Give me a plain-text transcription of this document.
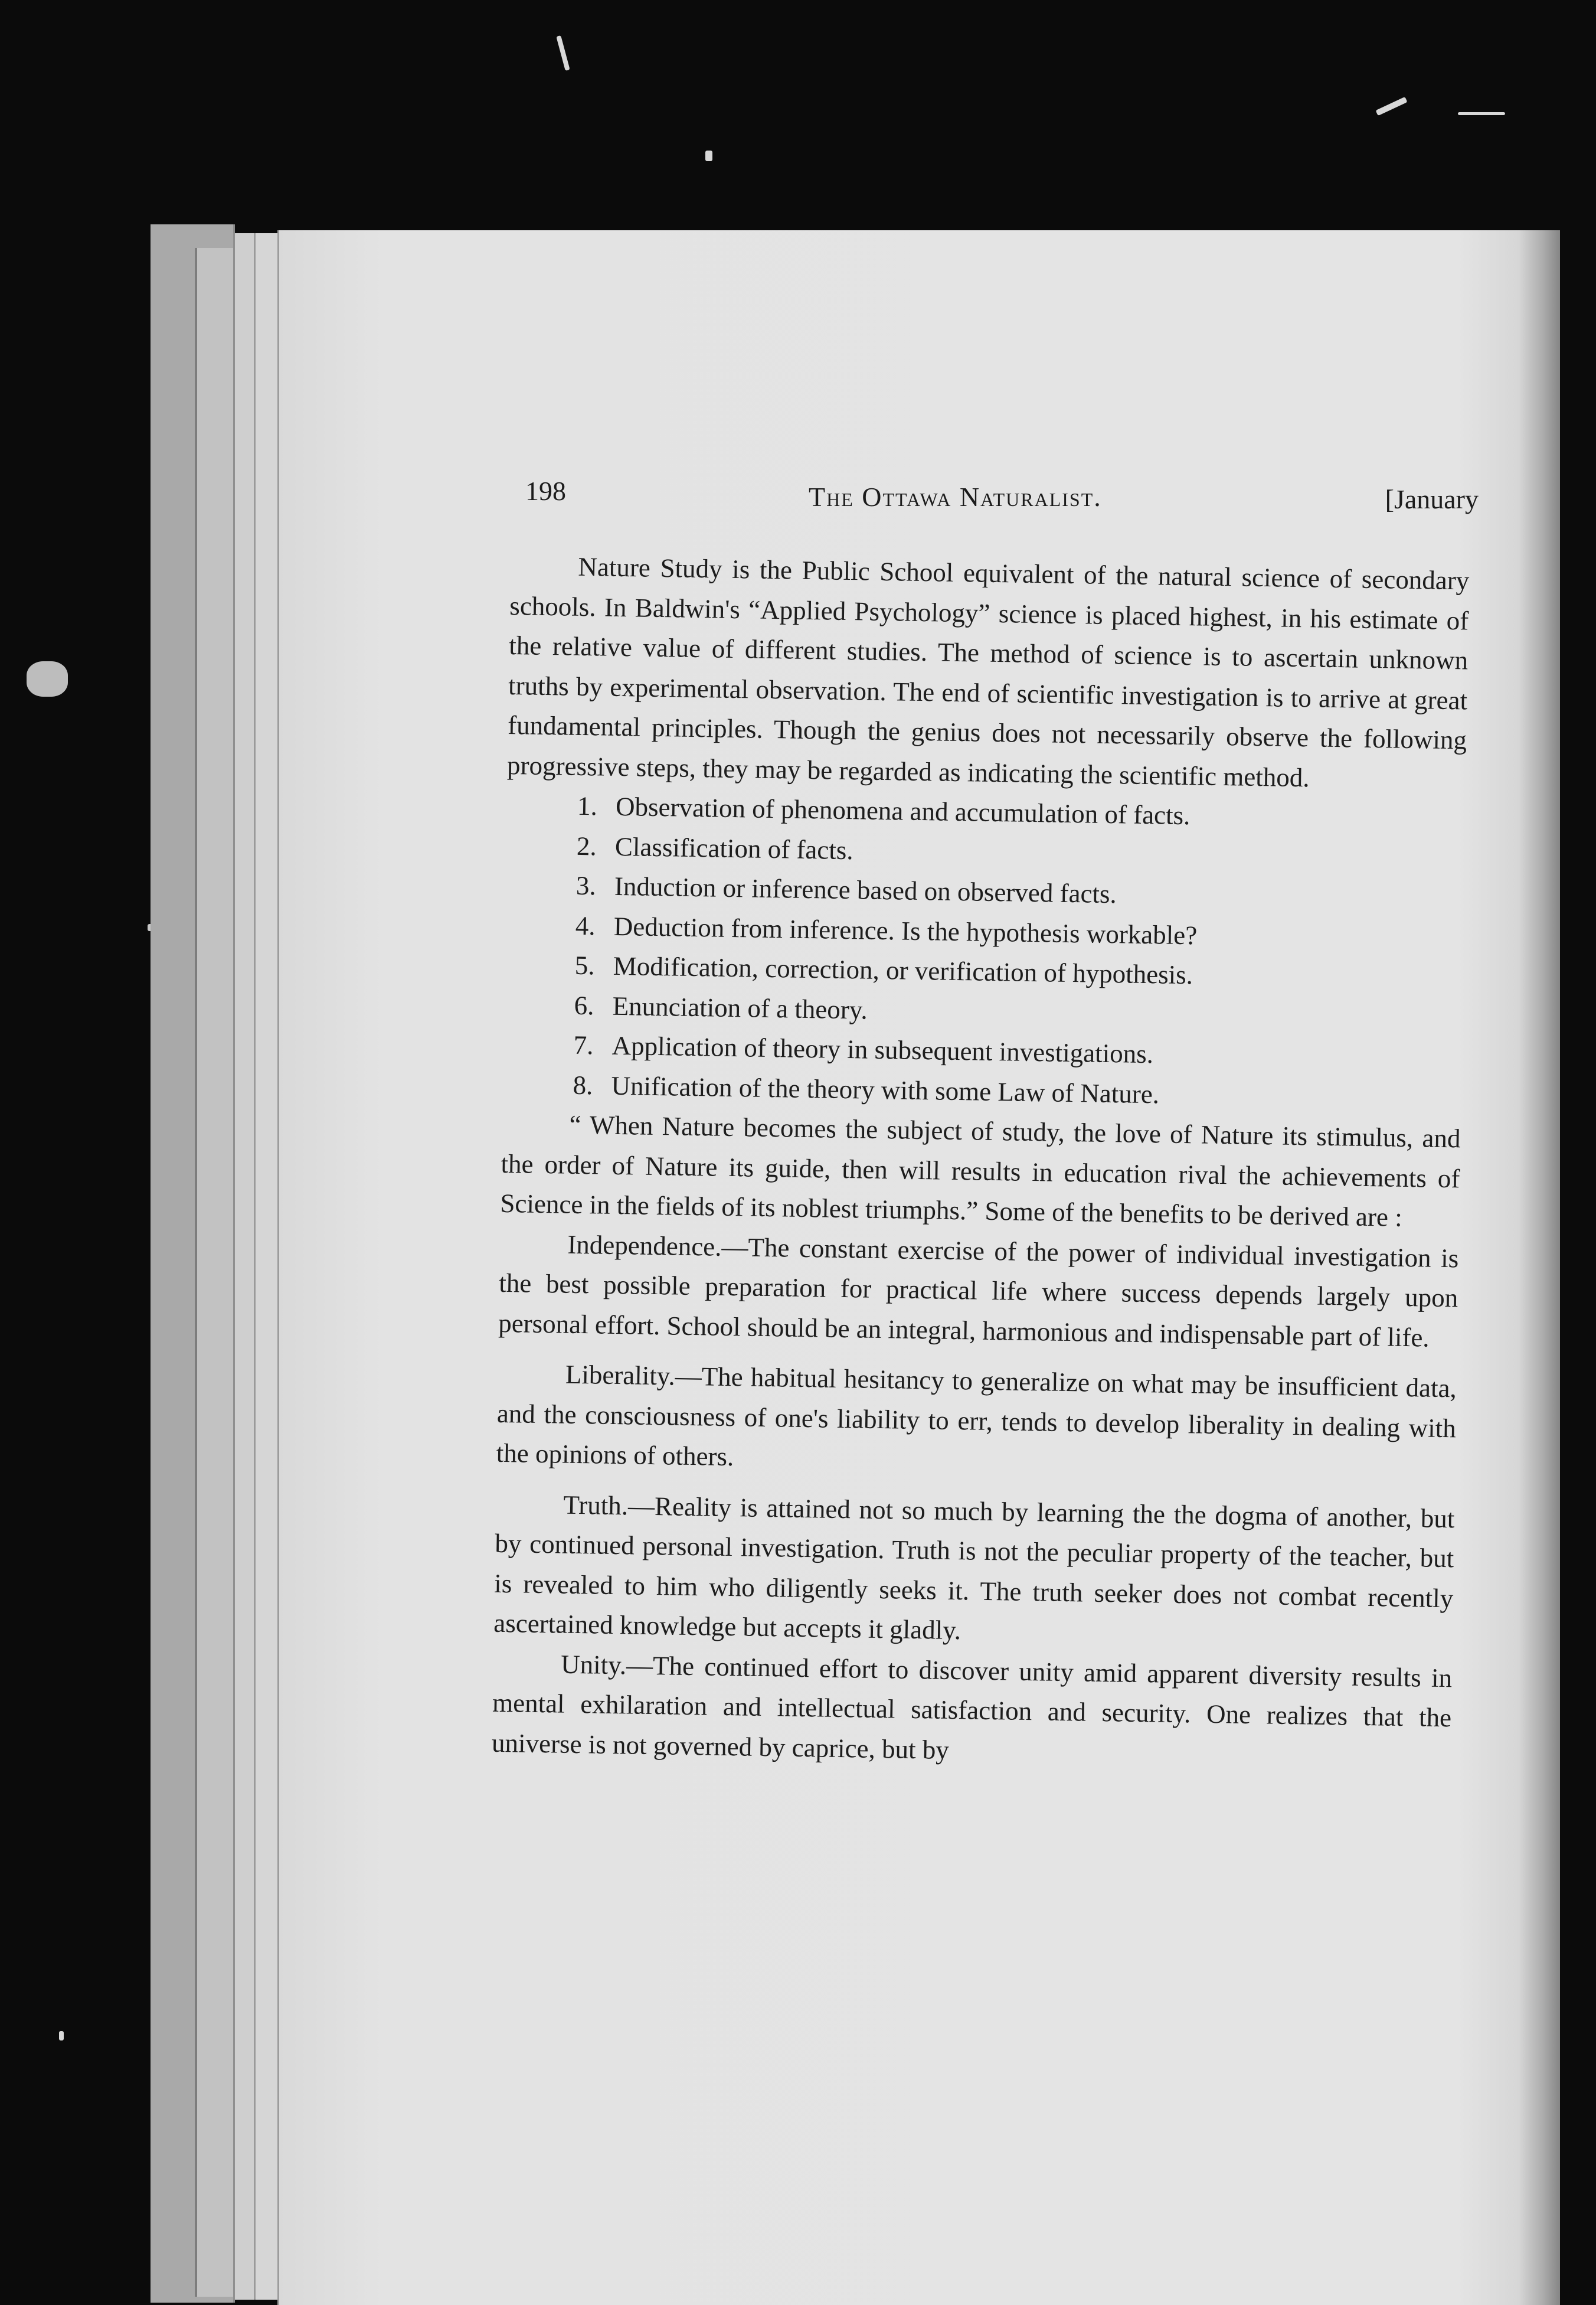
198	The Ottawa Naturalist.	[January

Nature Study is the Public School equivalent of the natural science of secondary schools. In Baldwin's “Applied Psychology” science is placed highest, in his estimate of the relative value of different studies. The method of science is to ascertain unknown truths by experimental observation. The end of scientific investigation is to arrive at great fundamental principles. Though the genius does not necessarily observe the following progressive steps, they may be regarded as indicating the scientific method.

1. Observation of phenomena and accumulation of facts.
2. Classification of facts.
3. Induction or inference based on observed facts.
4. Deduction from inference. Is the hypothesis workable?
5. Modification, correction, or verification of hypothesis.
6. Enunciation of a theory.
7. Application of theory in subsequent investigations.
8. Unification of the theory with some Law of Nature.

“ When Nature becomes the subject of study, the love of Nature its stimulus, and the order of Nature its guide, then will results in education rival the achievements of Science in the fields of its noblest triumphs.” Some of the benefits to be derived are :

Independence.—The constant exercise of the power of individual investigation is the best possible preparation for practical life where success depends largely upon personal effort. School should be an integral, harmonious and indispensable part of life.

Liberality.—The habitual hesitancy to generalize on what may be insufficient data, and the consciousness of one's liability to err, tends to develop liberality in dealing with the opinions of others.

Truth.—Reality is attained not so much by learning the the dogma of another, but by continued personal investigation. Truth is not the peculiar property of the teacher, but is revealed to him who diligently seeks it. The truth seeker does not combat recently ascertained knowledge but accepts it gladly.

Unity.—The continued effort to discover unity amid apparent diversity results in mental exhilaration and intellectual satisfaction and security. One realizes that the universe is not governed by caprice, but by
